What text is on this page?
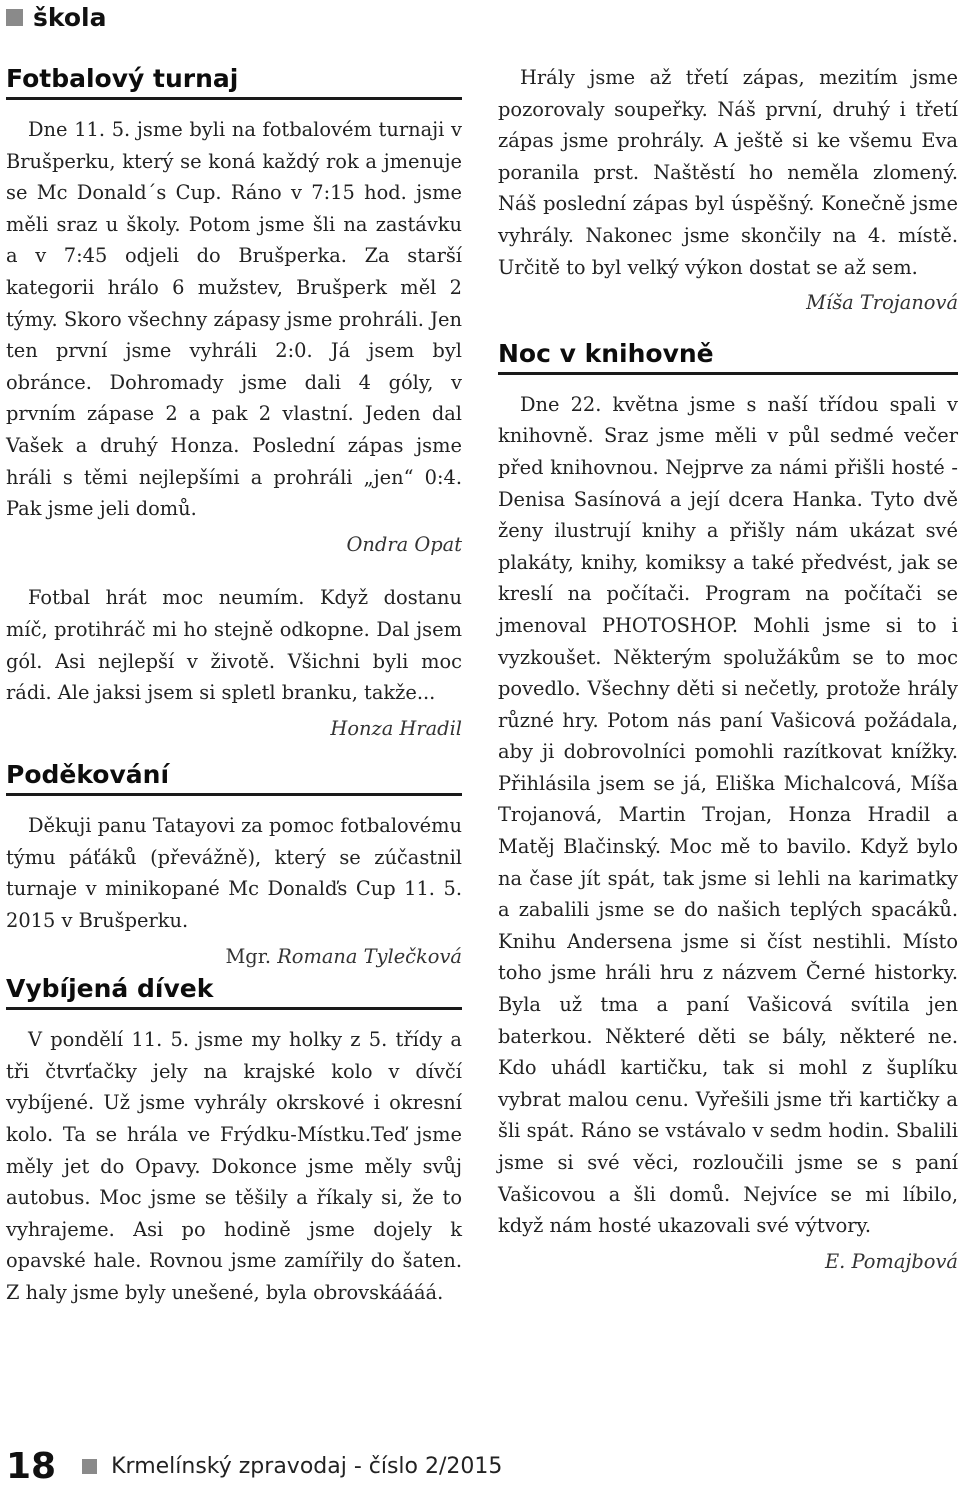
škola
Fotbalový turnaj

Dne 11. 5. jsme byli na fotbalovém turnaji v Brušperku, který se koná každý rok a jmenuje se Mc Donald´s Cup. Ráno v 7:15 hod. jsme měli sraz u školy. Potom jsme šli na zastávku a v 7:45 odjeli do Brušperka. Za starší kategorii hrálo 6 mužstev, Brušperk měl 2 týmy. Skoro všechny zápasy jsme prohráli. Jen ten první jsme vyhráli 2:0. Já jsem byl obránce. Dohromady jsme dali 4 góly, v prvním zápase 2 a pak 2 vlastní. Jeden dal Vašek a druhý Honza. Poslední zápas jsme hráli s těmi nejlepšími a prohráli „jen“ 0:4. Pak jsme jeli domů.

Ondra Opat

Fotbal hrát moc neumím. Když dostanu míč, protihráč mi ho stejně odkopne. Dal jsem gól. Asi nejlepší v životě. Všichni byli moc rádi. Ale jaksi jsem si spletl branku, takže...

Honza Hradil

Poděkování

Děkuji panu Tatayovi za pomoc fotbalovému týmu páťáků (převážně), který se zúčastnil turnaje v minikopané Mc Donalďs Cup 11. 5. 2015 v Brušperku.

Mgr. Romana Tylečková

Vybíjená dívek

V pondělí 11. 5. jsme my holky z 5. třídy a tři čtvrťačky jely na krajské kolo v dívčí vybíjené. Už jsme vyhrály okrskové i okresní kolo. Ta se hrála ve Frýdku-Místku.Teď jsme měly jet do Opavy. Dokonce jsme měly svůj autobus. Moc jsme se těšily a říkaly si, že to vyhrajeme. Asi po hodině jsme dojely k opavské hale. Rovnou jsme zamířily do šaten. Z haly jsme byly unešené, byla obrovskáááá.

Hrály jsme až třetí zápas, mezitím jsme pozorovaly soupeřky. Náš první, druhý i třetí zápas jsme prohrály. A ještě si ke všemu Eva poranila prst. Naštěstí ho neměla zlomený. Náš poslední zápas byl úspěšný. Konečně jsme vyhrály. Nakonec jsme skončily na 4. místě. Určitě to byl velký výkon dostat se až sem.

Míša Trojanová

Noc v knihovně

Dne 22. května jsme s naší třídou spali v knihovně. Sraz jsme měli v půl sedmé večer před knihovnou. Nejprve za námi přišli hosté - Denisa Sasínová a její dcera Hanka. Tyto dvě ženy ilustrují knihy a přišly nám ukázat své plakáty, knihy, komiksy a také předvést, jak se kreslí na počítači. Program na počítači se jmenoval PHOTOSHOP. Mohli jsme si to i vyzkoušet. Některým spolužákům se to moc povedlo. Všechny děti si nečetly, protože hrály různé hry. Potom nás paní Vašicová požádala, aby ji dobrovolníci pomohli razítkovat knížky. Přihlásila jsem se já, Eliška Michalcová, Míša Trojanová, Martin Trojan, Honza Hradil a Matěj Blačinský. Moc mě to bavilo. Když bylo na čase jít spát, tak jsme si lehli na karimatky a zabalili jsme se do našich teplých spacáků. Knihu Andersena jsme si číst nestihli. Místo toho jsme hráli hru z názvem Černé historky. Byla už tma a paní Vašicová svítila jen baterkou. Některé děti se bály, některé ne. Kdo uhádl kartičku, tak si mohl z šuplíku vybrat malou cenu. Vyřešili jsme tři kartičky a šli spát. Ráno se vstávalo v sedm hodin. Sbalili jsme si své věci, rozloučili jsme se s paní Vašicovou a šli domů. Nejvíce se mi líbilo, když nám hosté ukazovali své výtvory.

E. Pomajbová

18	Krmelínský zpravodaj - číslo 2/2015
